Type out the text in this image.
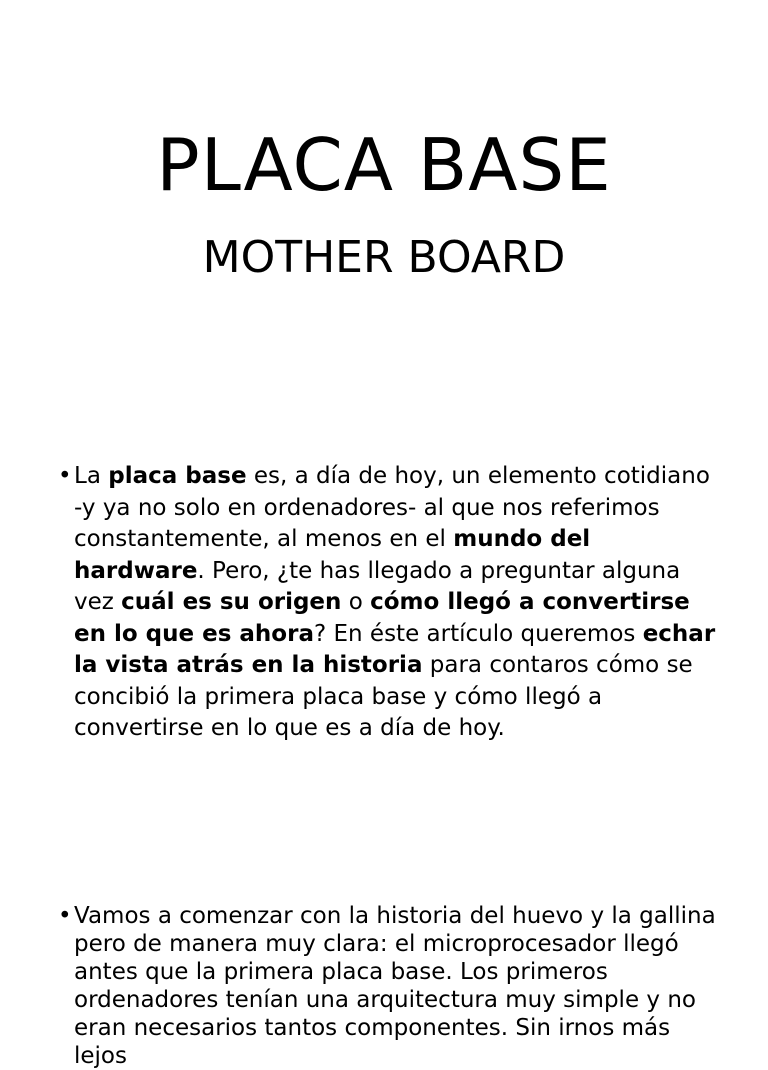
PLACA BASE
MOTHER BOARD
• La placa base es, a día de hoy, un elemento cotidiano -y ya no solo en ordenadores- al que nos referimos constantemente, al menos en el mundo del hardware. Pero, ¿te has llegado a preguntar alguna vez cuál es su origen o cómo llegó a convertirse en lo que es ahora? En éste artículo queremos echar la vista atrás en la historia para contaros cómo se concibió la primera placa base y cómo llegó a convertirse en lo que es a día de hoy.
• Vamos a comenzar con la historia del huevo y la gallina pero de manera muy clara: el microprocesador llegó antes que la primera placa base. Los primeros ordenadores tenían una arquitectura muy simple y no eran necesarios tantos componentes. Sin irnos más lejos
